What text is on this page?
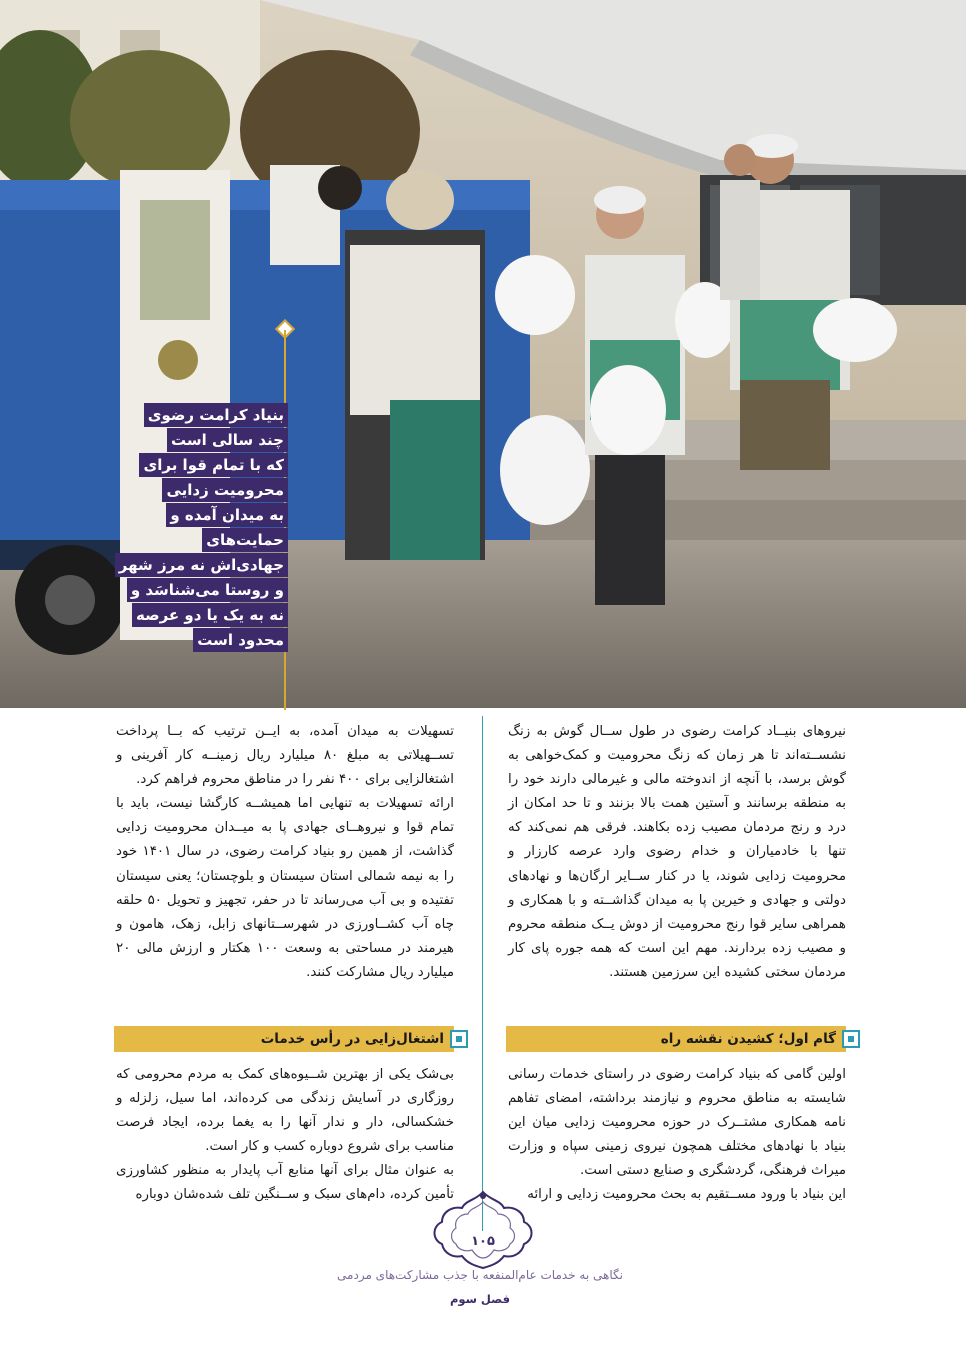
بنیاد کرامت رضوی
چند سالی است
که با تمام قوا برای
محرومیت زدایی
به میدان آمده و
حمایت‌های
جهادی‌اش نه مرز شهر
و روستا می‌شناسَد و
نه به یک یا دو عرصه
محدود است

نیروهای بنیــاد کرامت رضوی در طول ســال گوش به زنگ نشســته‌اند تا هر زمان که زنگ محرومیت و کمک‌خواهی به گوش برسد، با آنچه از اندوخته مالی و غیرمالی دارند خود را به منطقه برسانند و آستین همت بالا بزنند و تا حد امکان از درد و رنج مردمان مصیب زده بکاهند. فرقی هم نمی‌کند که تنها با خادمیاران و خدام رضوی وارد عرصه کارزار و محرومیت زدایی شوند، یا در کنار ســایر ارگان‌ها و نهادهای دولتی و جهادی و خیرین پا به میدان گذاشــته و با همکاری و همراهی سایر قوا رنج محرومیت از دوش یــک منطقه محروم و مصیب زده بردارند. مهم این است که همه جوره پای کار مردمان سختی کشیده این سرزمین هستند.

گام اول؛ کشیدن نقشه راه

اولین گامی که بنیاد کرامت رضوی در راستای خدمات رسانی شایسته به مناطق محروم و نیازمند برداشته، امضای تفاهم نامه همکاری مشتــرک در حوزه محرومیت زدایی میان این بنیاد با نهادهای مختلف همچون نیروی زمینی سپاه و وزارت میراث فرهنگی، گردشگری و صنایع دستی است.

این بنیاد با ورود مســتقیم به بحث محرومیت زدایی و ارائه

تسهیلات به میدان آمده، به ایــن ترتیب که بــا پرداخت تســهیلاتی به مبلغ ۸۰ میلیارد ریال زمینــه کار آفرینی و اشتغالزایی برای ۴۰۰ نفر را در مناطق محروم فراهم کرد.

ارائه تسهیلات به تنهایی اما همیشــه کارگشا نیست، باید با تمام قوا و نیروهــای جهادی پا به میــدان محرومیت زدایی گذاشت، از همین رو بنیاد کرامت رضوی، در سال ۱۴۰۱ خود را به نیمه شمالی استان سیستان و بلوچستان؛ یعنی سیستان تفتیده و بی آب می‌رساند تا در حفر، تجهیز و تحویل ۵۰ حلقه چاه آب کشــاورزی در شهرســتانهای زابل، زهک، هامون و هیرمند در مساحتی به وسعت ۱۰۰ هکتار و ارزش مالی ۲۰ میلیارد ریال مشارکت کنند.

اشتغال‌زایی در رأس خدمات

بی‌شک یکی از بهترین شــیوه‌های کمک به مردم محرومی که روزگاری در آسایش زندگی می کرده‌اند، اما سیل، زلزله و خشکسالی، دار و ندار آنها را به یغما برده، ایجاد فرصت مناسب برای شروع دوباره کسب و کار است.

به عنوان مثال برای آنها منابع آب پایدار به منظور کشاورزی تأمین کرده، دام‌های سبک و ســنگین تلف شده‌شان دوباره

۱۰۵
نگاهی به خدمات عام‌المنفعه با جذب مشارکت‌های مردمی
فصل سوم
